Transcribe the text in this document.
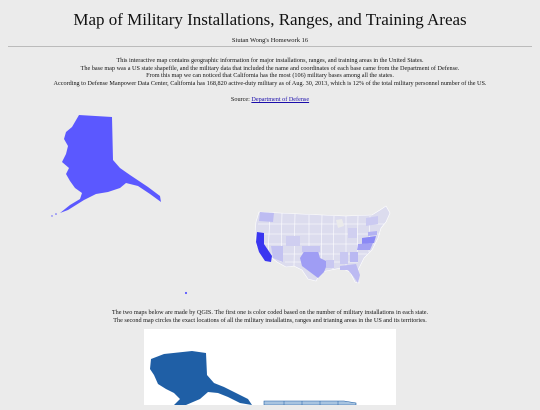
Map of Military Installations, Ranges, and Training Areas
Siutan Wong's Homework 16
This interactive map contains geographic information for major installations, ranges, and training areas in the United States.
The base map was a US state shapefile, and the military data that included the name and coordinates of each base came from the Department of Defense.
From this map we can noticed that California has the most (106) military bases among all the states.
According to Defense Manpower Data Center, California has 168,820 active-duty military as of Aug. 30, 2013, which is 12% of the total military personnel number of the US.
Source: Department of Defense
The two maps below are made by QGIS. The first one is color coded based on the number of military installations in each state.
The second map circles the exact locations of all the military installatins, ranges and trianing areas in the US and its territories.
